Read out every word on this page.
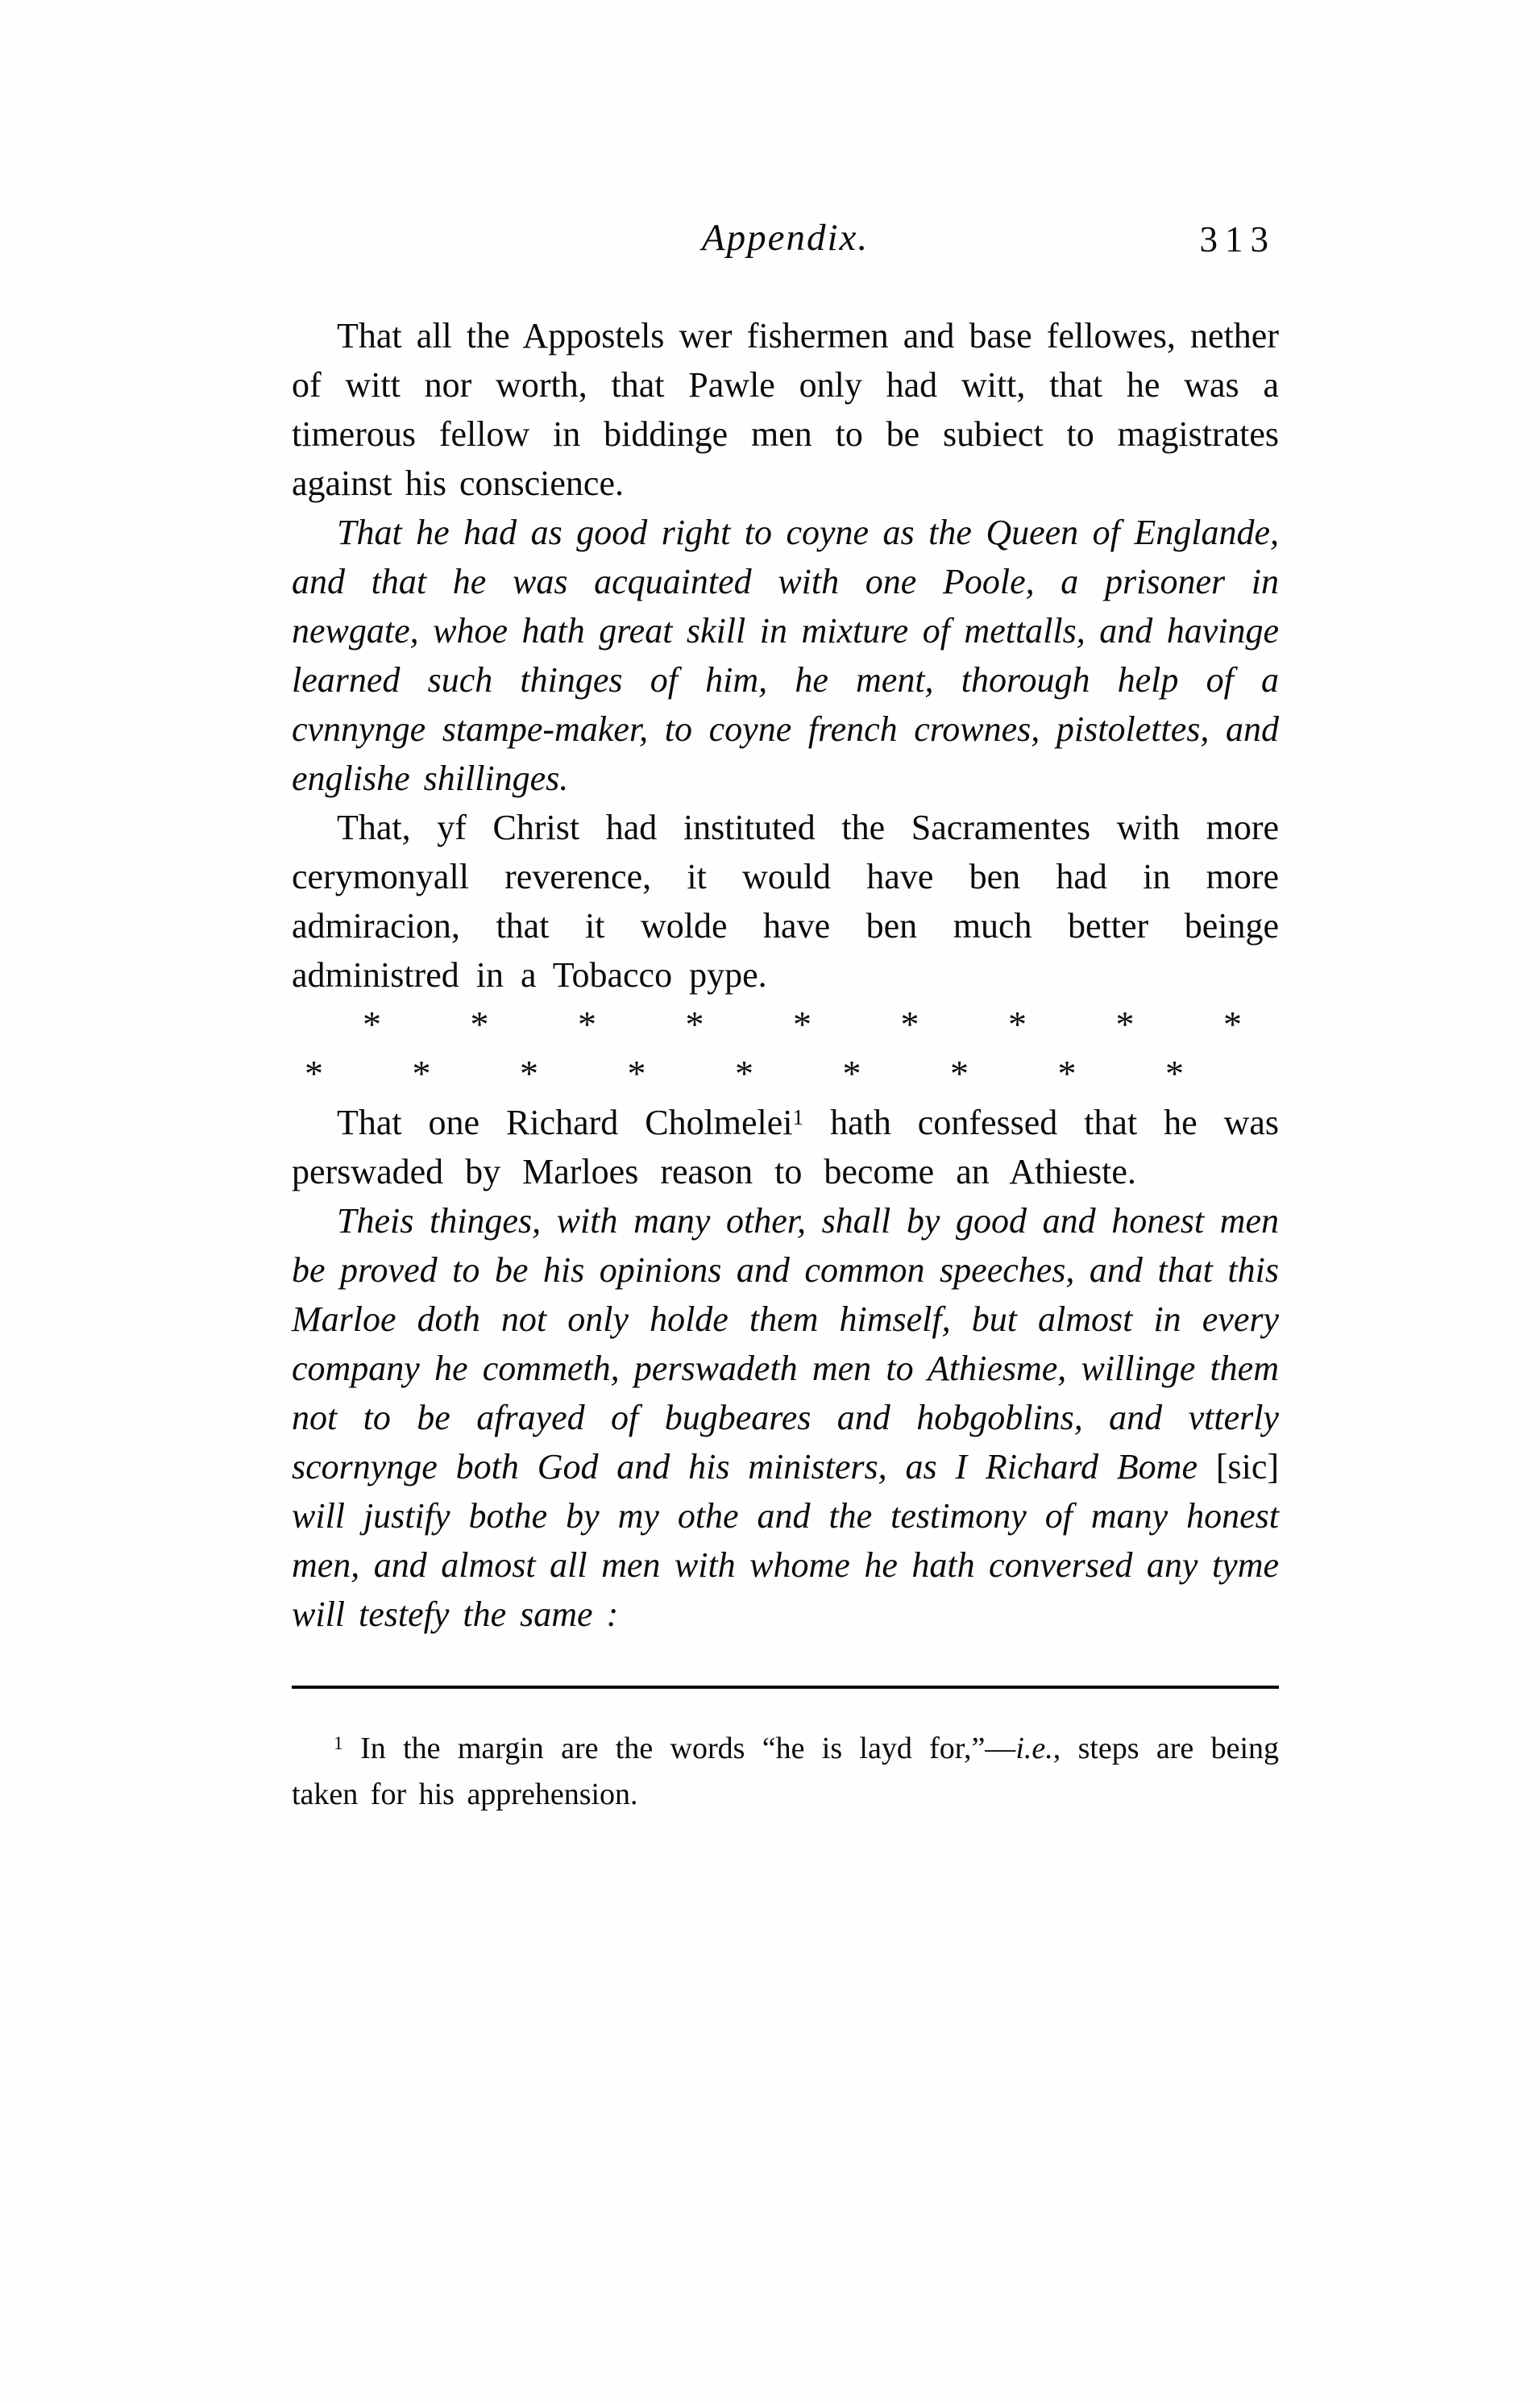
Appendix.	313

That all the Appostels wer fishermen and base fellowes, nether of witt nor worth, that Pawle only had witt, that he was a timerous fellow in biddinge men to be subiect to magistrates against his conscience.

That he had as good right to coyne as the Queen of Englande, and that he was acquainted with one Poole, a prisoner in newgate, whoe hath great skill in mixture of mettalls, and havinge learned such thinges of him, he ment, thorough help of a cvnnynge stampe-maker, to coyne french crownes, pistolettes, and englishe shillinges.

That, yf Christ had instituted the Sacramentes with more cerymonyall reverence, it would have ben had in more admiracion, that it wolde have ben much better beinge administred in a Tobacco pype.

* * * * * * * * *
* * * * * * * * *

That one Richard Cholmelei$^1$ hath confessed that he was perswaded by Marloes reason to become an Athieste.

Theis thinges, with many other, shall by good and honest men be proved to be his opinions and common speeches, and that this Marloe doth not only holde them himself, but almost in every company he commeth, perswadeth men to Athiesme, willinge them not to be afrayed of bugbeares and hobgoblins, and vtterly scornynge both God and his ministers, as I Richard Bome [sic] will justify bothe by my othe and the testimony of many honest men, and almost all men with whome he hath conversed any tyme will testefy the same :

$^1$ In the margin are the words “he is layd for,”—i.e., steps are being taken for his apprehension.
